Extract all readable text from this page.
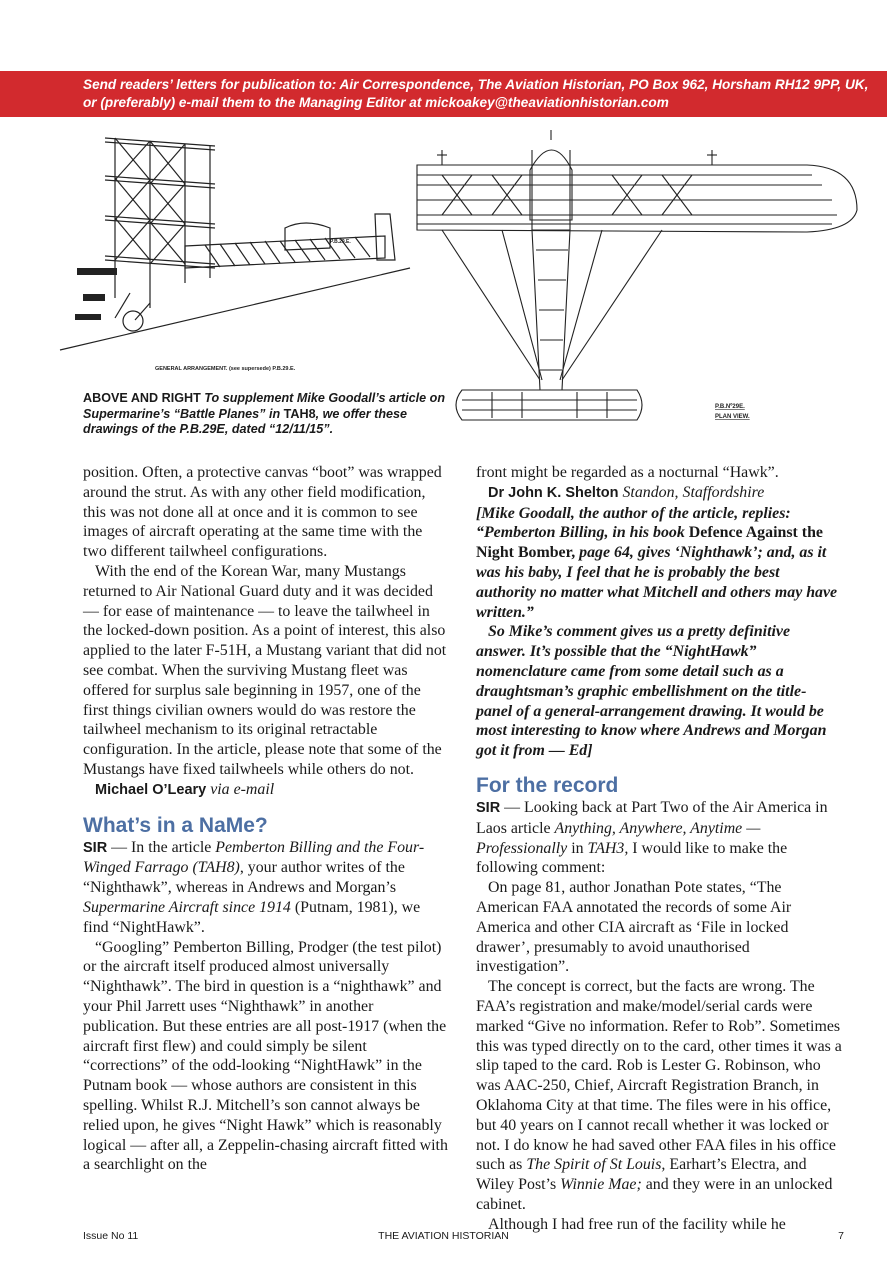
Send readers’ letters for publication to: Air Correspondence, The Aviation Historian, PO Box 962, Horsham RH12 9PP, UK, or (preferably) e-mail them to the Managing Editor at mickoakey@theaviationhistorian.com

P.B.29.E.
GENERAL ARRANGEMENT. (see supersede) P.B.29.E.
P.B.Nº29E.
PLAN VIEW.
ABOVE AND RIGHT To supplement Mike Goodall’s article on Supermarine’s “Battle Planes” in TAH8, we offer these drawings of the P.B.29E, dated “12/11/15”.

position. Often, a protective canvas “boot” was wrapped around the strut. As with any other field modification, this was not done all at once and it is common to see images of aircraft operating at the same time with the two different tailwheel configurations.

With the end of the Korean War, many Mustangs returned to Air National Guard duty and it was decided — for ease of maintenance — to leave the tailwheel in the locked-down position. As a point of interest, this also applied to the later F-51H, a Mustang variant that did not see combat. When the surviving Mustang fleet was offered for surplus sale beginning in 1957, one of the first things civilian owners would do was restore the tailwheel mechanism to its original retractable configuration. In the article, please note that some of the Mustangs have fixed tailwheels while others do not.

Michael O’Leary via e-mail

What’s in a NaMe?

SIR — In the article Pemberton Billing and the Four-Winged Farrago (TAH8), your author writes of the “Nighthawk”, whereas in Andrews and Morgan’s Supermarine Aircraft since 1914 (Putnam, 1981), we find “NightHawk”.

“Googling” Pemberton Billing, Prodger (the test pilot) or the aircraft itself produced almost universally “Nighthawk”. The bird in question is a “nighthawk” and your Phil Jarrett uses “Nighthawk” in another publication. But these entries are all post-1917 (when the aircraft first flew) and could simply be silent “corrections” of the odd-looking “NightHawk” in the Putnam book — whose authors are consistent in this spelling. Whilst R.J. Mitchell’s son cannot always be relied upon, he gives “Night Hawk” which is reasonably logical — after all, a Zeppelin-chasing aircraft fitted with a searchlight on the

front might be regarded as a nocturnal “Hawk”.

Dr John K. Shelton Standon, Staffordshire

[Mike Goodall, the author of the article, replies: “Pemberton Billing, in his book Defence Against the Night Bomber, page 64, gives ‘Nighthawk’; and, as it was his baby, I feel that he is probably the best authority no matter what Mitchell and others may have written.”

So Mike’s comment gives us a pretty definitive answer. It’s possible that the “NightHawk” nomenclature came from some detail such as a draughtsman’s graphic embellishment on the title-panel of a general-arrangement drawing. It would be most interesting to know where Andrews and Morgan got it from — Ed]

For the record

SIR — Looking back at Part Two of the Air America in Laos article Anything, Anywhere, Anytime — Professionally in TAH3, I would like to make the following comment:

On page 81, author Jonathan Pote states, “The American FAA annotated the records of some Air America and other CIA aircraft as ‘File in locked drawer’, presumably to avoid unauthorised investigation”.

The concept is correct, but the facts are wrong. The FAA’s registration and make/model/serial cards were marked “Give no information. Refer to Rob”. Sometimes this was typed directly on to the card, other times it was a slip taped to the card. Rob is Lester G. Robinson, who was AAC-250, Chief, Aircraft Registration Branch, in Oklahoma City at that time. The files were in his office, but 40 years on I cannot recall whether it was locked or not. I do know he had saved other FAA files in his office such as The Spirit of St Louis, Earhart’s Electra, and Wiley Post’s Winnie Mae; and they were in an unlocked cabinet.

Although I had free run of the facility while he

Issue No 11	THE AVIATION HISTORIAN	7
